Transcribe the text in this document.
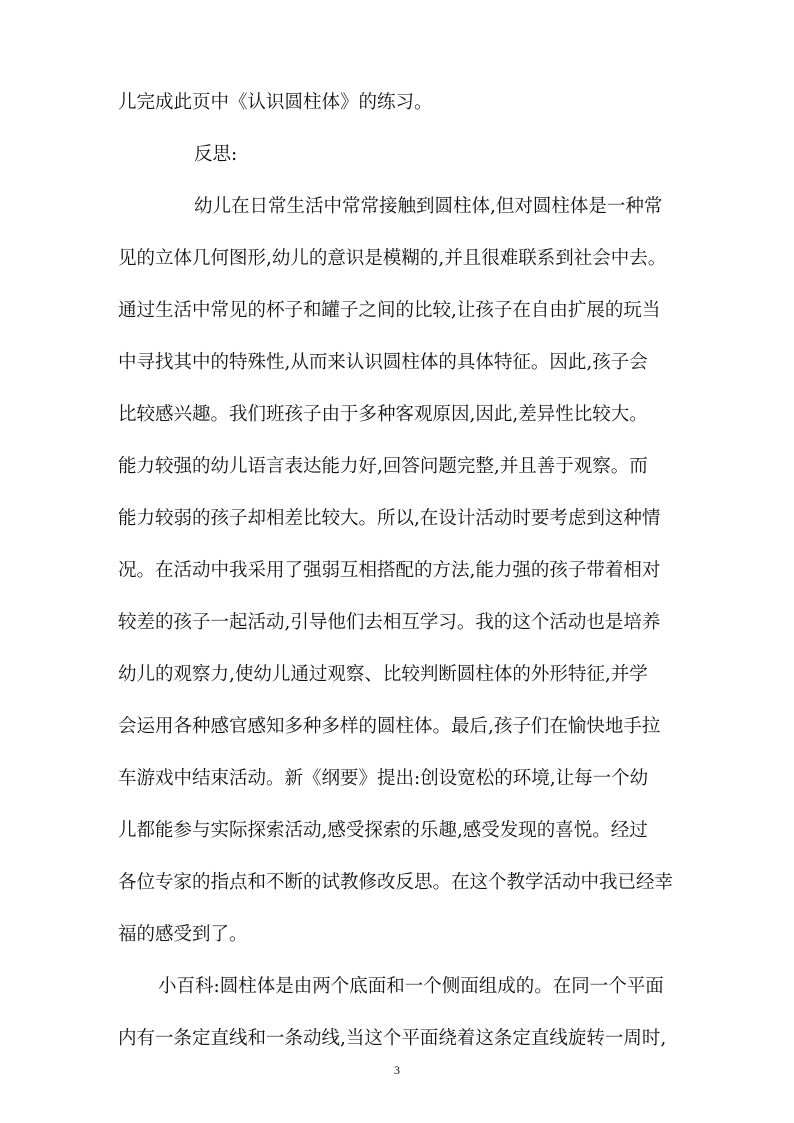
儿完成此页中《认识圆柱体》的练习。
反思:
幼儿在日常生活中常常接触到圆柱体,但对圆柱体是一种常
见的立体几何图形,幼儿的意识是模糊的,并且很难联系到社会中去。
通过生活中常见的杯子和罐子之间的比较,让孩子在自由扩展的玩当
中寻找其中的特殊性,从而来认识圆柱体的具体特征。因此,孩子会
比较感兴趣。我们班孩子由于多种客观原因,因此,差异性比较大。
能力较强的幼儿语言表达能力好,回答问题完整,并且善于观察。而
能力较弱的孩子却相差比较大。所以,在设计活动时要考虑到这种情
况。在活动中我采用了强弱互相搭配的方法,能力强的孩子带着相对
较差的孩子一起活动,引导他们去相互学习。我的这个活动也是培养
幼儿的观察力,使幼儿通过观察、比较判断圆柱体的外形特征,并学
会运用各种感官感知多种多样的圆柱体。最后,孩子们在愉快地手拉
车游戏中结束活动。新《纲要》提出:创设宽松的环境,让每一个幼
儿都能参与实际探索活动,感受探索的乐趣,感受发现的喜悦。经过
各位专家的指点和不断的试教修改反思。在这个教学活动中我已经幸
福的感受到了。
小百科:圆柱体是由两个底面和一个侧面组成的。在同一个平面
内有一条定直线和一条动线,当这个平面绕着这条定直线旋转一周时,
3
